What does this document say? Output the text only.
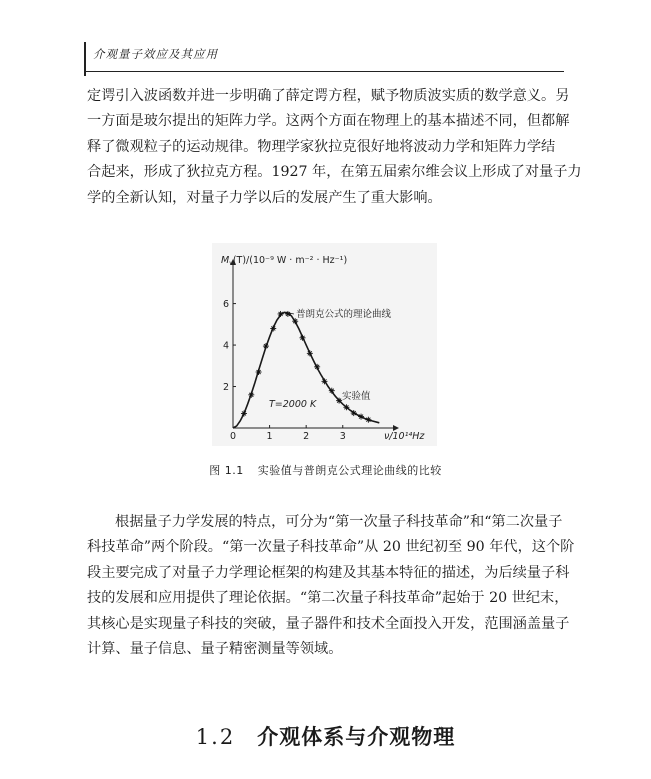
介观量子效应及其应用
定谔引入波函数并进一步明确了薛定谔方程，赋予物质波实质的数学意义。另
一方面是玻尔提出的矩阵力学。这两个方面在物理上的基本描述不同，但都解
释了微观粒子的运动规律。物理学家狄拉克很好地将波动力学和矩阵力学结
合起来，形成了狄拉克方程。1927 年，在第五届索尔维会议上形成了对量子力
学的全新认知，对量子力学以后的发展产生了重大影响。
0	1	2	3
2
4
6
$M_\nu(T)/(10^{-9}$ W · m⁻² · Hz⁻¹)
ν/10¹⁴Hz
普朗克公式的理论曲线
实验值
T=2000 K
图 1.1 实验值与普朗克公式理论曲线的比较
根据量子力学发展的特点，可分为“第一次量子科技革命”和“第二次量子
科技革命”两个阶段。“第一次量子科技革命”从 20 世纪初至 90 年代，这个阶
段主要完成了对量子力学理论框架的构建及其基本特征的描述，为后续量子科
技的发展和应用提供了理论依据。“第二次量子科技革命”起始于 20 世纪末，
其核心是实现量子科技的突破，量子器件和技术全面投入开发，范围涵盖量子
计算、量子信息、量子精密测量等领域。
1.2 介观体系与介观物理
